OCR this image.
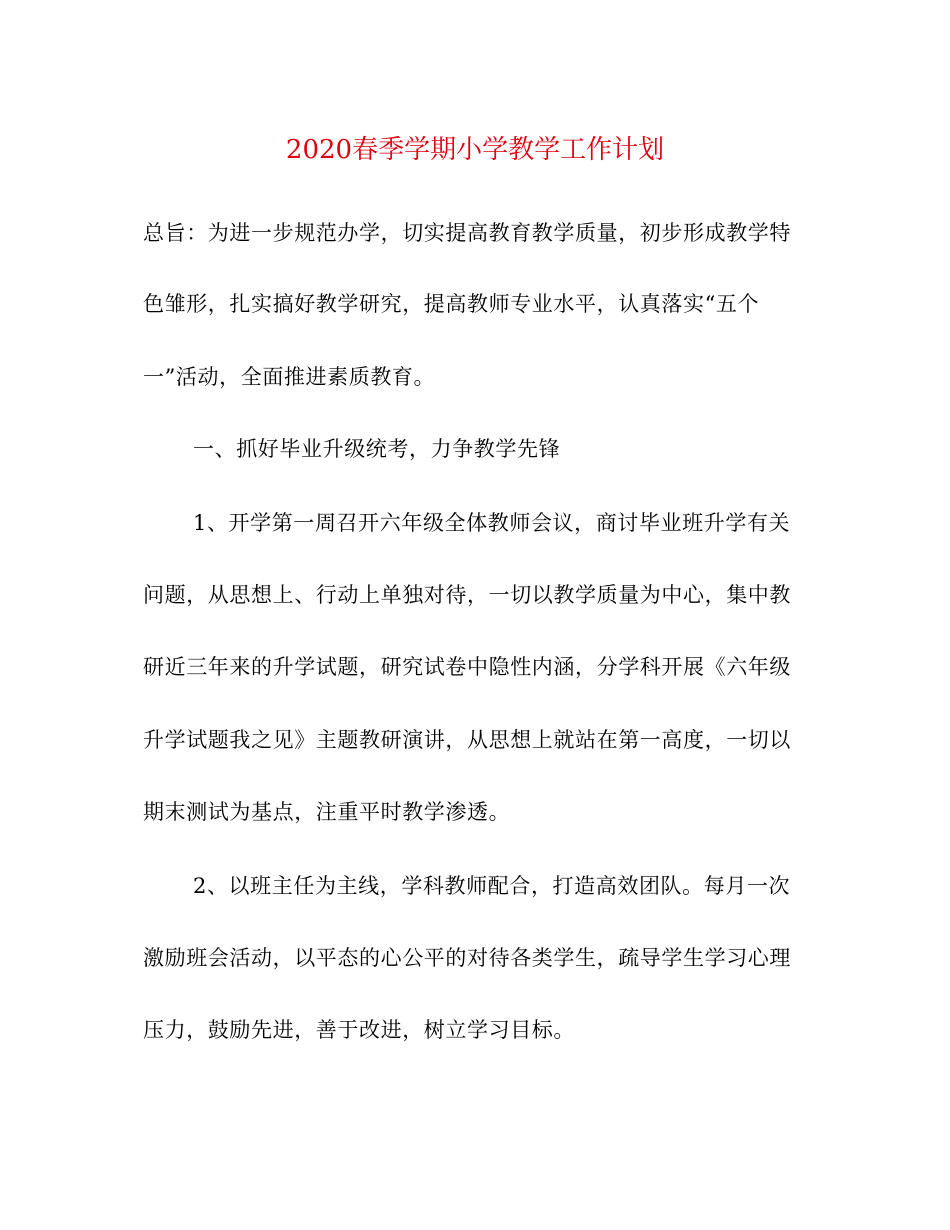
2020春季学期小学教学工作计划
总旨：为进一步规范办学，切实提高教育教学质量，初步形成教学特
色雏形，扎实搞好教学研究，提高教师专业水平，认真落实“五个
一”活动，全面推进素质教育。
一、抓好毕业升级统考，力争教学先锋
1、开学第一周召开六年级全体教师会议，商讨毕业班升学有关
问题，从思想上、行动上单独对待，一切以教学质量为中心，集中教
研近三年来的升学试题，研究试卷中隐性内涵，分学科开展《六年级
升学试题我之见》主题教研演讲，从思想上就站在第一高度，一切以
期末测试为基点，注重平时教学渗透。
2、以班主任为主线，学科教师配合，打造高效团队。每月一次
激励班会活动，以平态的心公平的对待各类学生，疏导学生学习心理
压力，鼓励先进，善于改进，树立学习目标。
